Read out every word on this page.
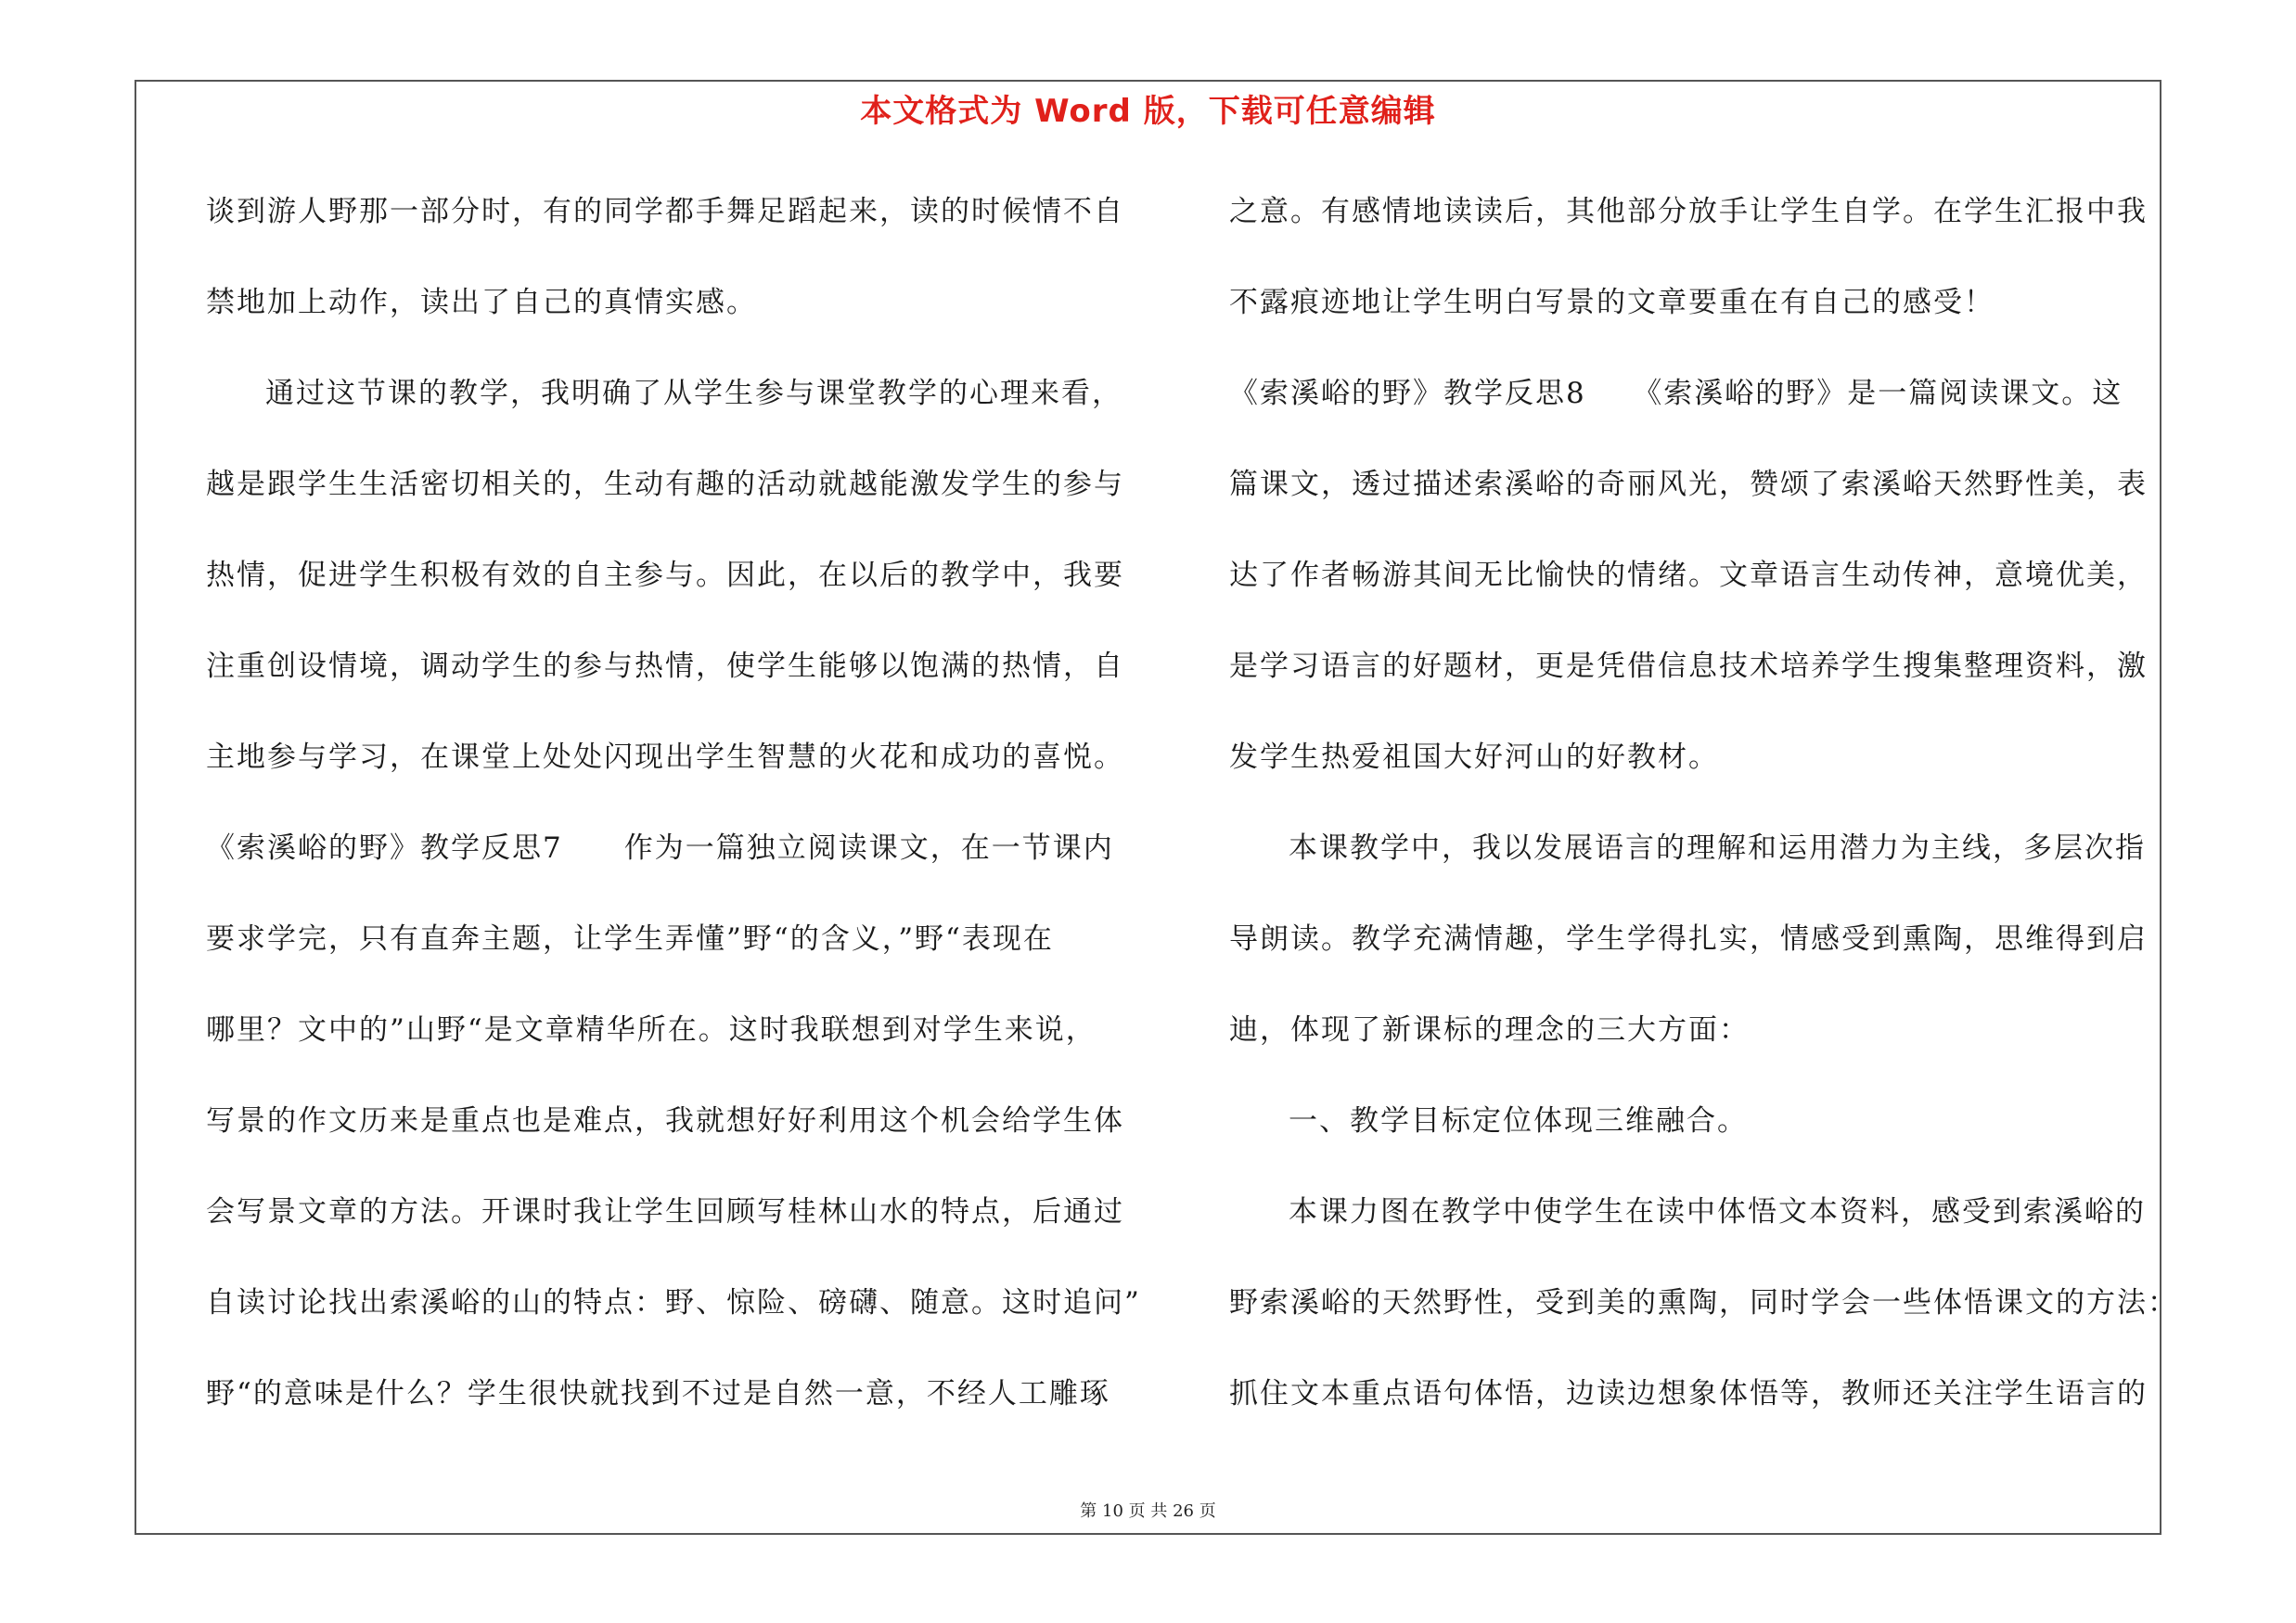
本文格式为 Word 版，下载可任意编辑
谈到游人野那一部分时，有的同学都手舞足蹈起来，读的时候情不自
禁地加上动作，读出了自己的真情实感。
通过这节课的教学，我明确了从学生参与课堂教学的心理来看，
越是跟学生生活密切相关的，生动有趣的活动就越能激发学生的参与
热情，促进学生积极有效的自主参与。因此，在以后的教学中，我要
注重创设情境，调动学生的参与热情，使学生能够以饱满的热情，自
主地参与学习，在课堂上处处闪现出学生智慧的火花和成功的喜悦。
《索溪峪的野》教学反思7　　作为一篇独立阅读课文，在一节课内
要求学完，只有直奔主题，让学生弄懂”野“的含义，”野“表现在
哪里？文中的”山野“是文章精华所在。这时我联想到对学生来说，
写景的作文历来是重点也是难点，我就想好好利用这个机会给学生体
会写景文章的方法。开课时我让学生回顾写桂林山水的特点，后通过
自读讨论找出索溪峪的山的特点：野、惊险、磅礴、随意。这时追问”
野“的意味是什么？学生很快就找到不过是自然一意，不经人工雕琢
之意。有感情地读读后，其他部分放手让学生自学。在学生汇报中我
不露痕迹地让学生明白写景的文章要重在有自己的感受！
《索溪峪的野》教学反思8　　《索溪峪的野》是一篇阅读课文。这
篇课文，透过描述索溪峪的奇丽风光，赞颂了索溪峪天然野性美，表
达了作者畅游其间无比愉快的情绪。文章语言生动传神，意境优美，
是学习语言的好题材，更是凭借信息技术培养学生搜集整理资料，激
发学生热爱祖国大好河山的好教材。
本课教学中，我以发展语言的理解和运用潜力为主线，多层次指
导朗读。教学充满情趣，学生学得扎实，情感受到熏陶，思维得到启
迪，体现了新课标的理念的三大方面：
一、教学目标定位体现三维融合。
本课力图在教学中使学生在读中体悟文本资料，感受到索溪峪的
野索溪峪的天然野性，受到美的熏陶，同时学会一些体悟课文的方法：
抓住文本重点语句体悟，边读边想象体悟等，教师还关注学生语言的
第 10 页 共 26 页
